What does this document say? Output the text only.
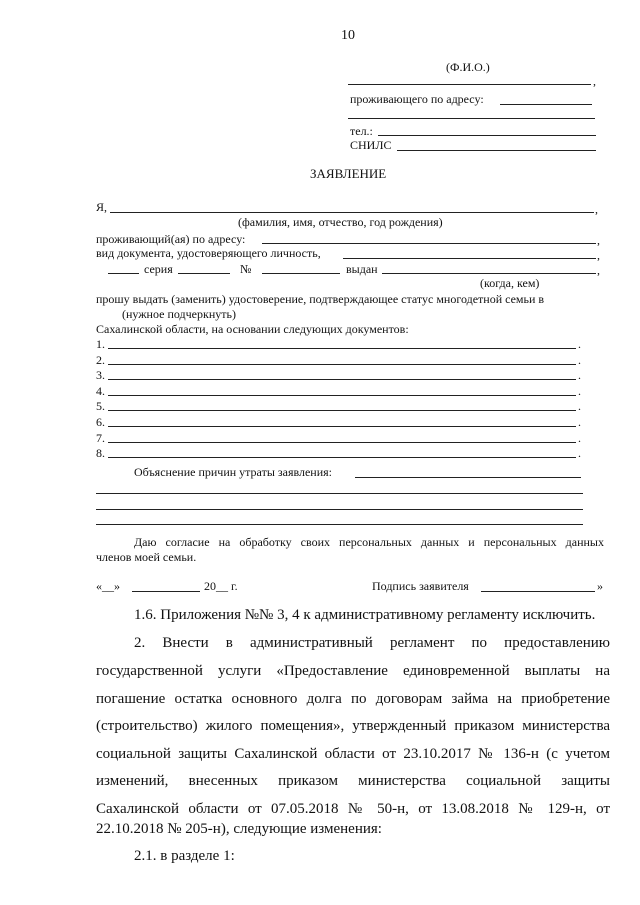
10
(Ф.И.О.)
,
проживающего по адресу:
тел.:
СНИЛС
ЗАЯВЛЕНИЕ
Я,	,
(фамилия, имя, отчество, год рождения)
проживающий(ая) по адресу:	,
вид документа, удостоверяющего личность,	,
серия	№	выдан	,
(когда, кем)
прошу выдать (заменить) удостоверение, подтверждающее статус многодетной семьи в
(нужное подчеркнуть)
Сахалинской области, на основании следующих документов:
1.	.
2.	.
3.	.
4.	.
5.	.
6.	.
7.	.
8.	.
Объяснение причин утраты заявления:
Даю согласие на обработку своих персональных данных и персональных данных
членов моей семьи.
«__»	20__ г.	Подпись заявителя	»
1.6. Приложения №№ 3, 4 к административному регламенту исключить.
2. Внести в административный регламент по предоставлению
государственной услуги «Предоставление единовременной выплаты на
погашение остатка основного долга по договорам займа на приобретение
(строительство) жилого помещения», утвержденный приказом министерства
социальной защиты Сахалинской области от 23.10.2017 № 136-н (с учетом
изменений, внесенных приказом министерства социальной защиты
Сахалинской области от 07.05.2018 № 50-н, от 13.08.2018 № 129-н, от
22.10.2018 № 205-н), следующие изменения:
2.1. в разделе 1:
